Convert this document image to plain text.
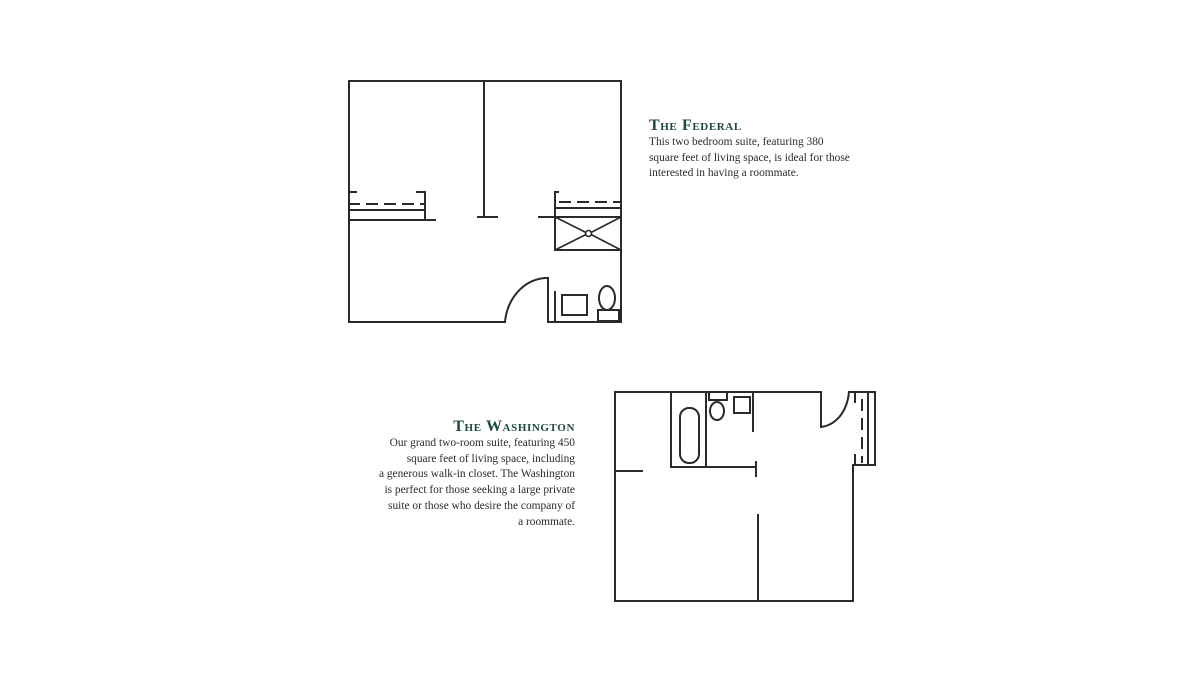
The Federal
This two bedroom suite, featuring 380
square feet of living space, is ideal for those
interested in having a roommate.
The Washington
Our grand two-room suite, featuring 450
square feet of living space, including
a generous walk-in closet. The Washington
is perfect for those seeking a large private
suite or those who desire the company of
a roommate.
